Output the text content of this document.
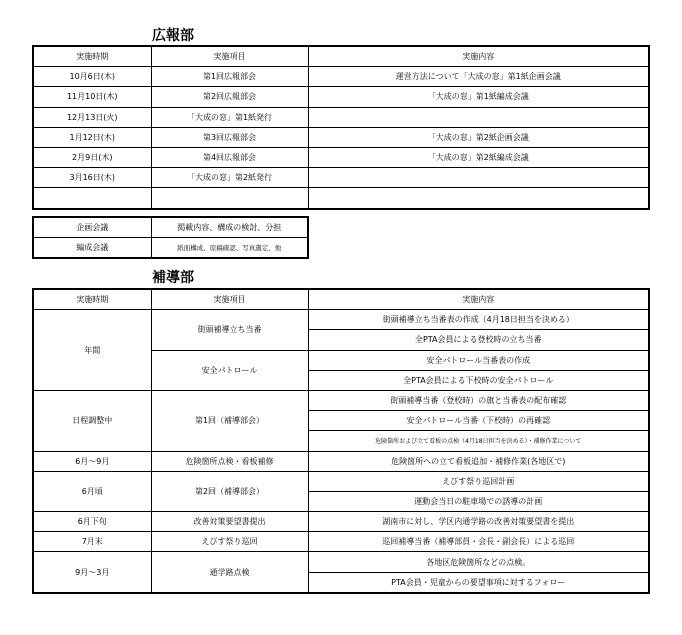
広報部
実施時期	実施項目	実施内容
10月6日(木)	第1回広報部会	運営方法について「大成の窓」第1紙企画会議
11月10日(木)	第2回広報部会	「大成の窓」第1紙編成会議
12月13日(火)	「大成の窓」第1紙発行	
1月12日(木)	第3回広報部会	「大成の窓」第2紙企画会議
2月9日(木)	第4回広報部会	「大成の窓」第2紙編成会議
3月16日(木)	「大成の窓」第2紙発行	

企画会議	掲載内容、構成の検討、分担
編成会議	紙面構成、原稿確認、写真選定、他
補導部
実施時期	実施項目	実施内容
年間	街頭補導立ち当番	街頭補導立ち当番表の作成（4月18日担当を決める）
		全PTA会員による登校時の立ち当番
	安全パトロール	安全パトロール当番表の作成
		全PTA会員による下校時の安全パトロール
日程調整中	第1回（補導部会）	街頭補導当番（登校時）の旗と当番表の配布確認
		安全パトロール当番（下校時）の再確認
		危険箇所および立て看板の点検（4月18日担当を決める）・補修作業について
6月〜9月	危険箇所点検・看板補修	危険箇所への立て看板追加・補修作業(各地区で)
6月頃	第2回（補導部会）	えびす祭り巡回計画
		運動会当日の駐車場での誘導の計画
6月下旬	改善対策要望書提出	湖南市に対し、学区内通学路の改善対策要望書を提出
7月末	えびす祭り巡回	巡回補導当番（補導部員・会長・副会長）による巡回
9月〜3月	通学路点検	各地区危険箇所などの点検。
		PTA会員・児童からの要望事項に対するフォロー
